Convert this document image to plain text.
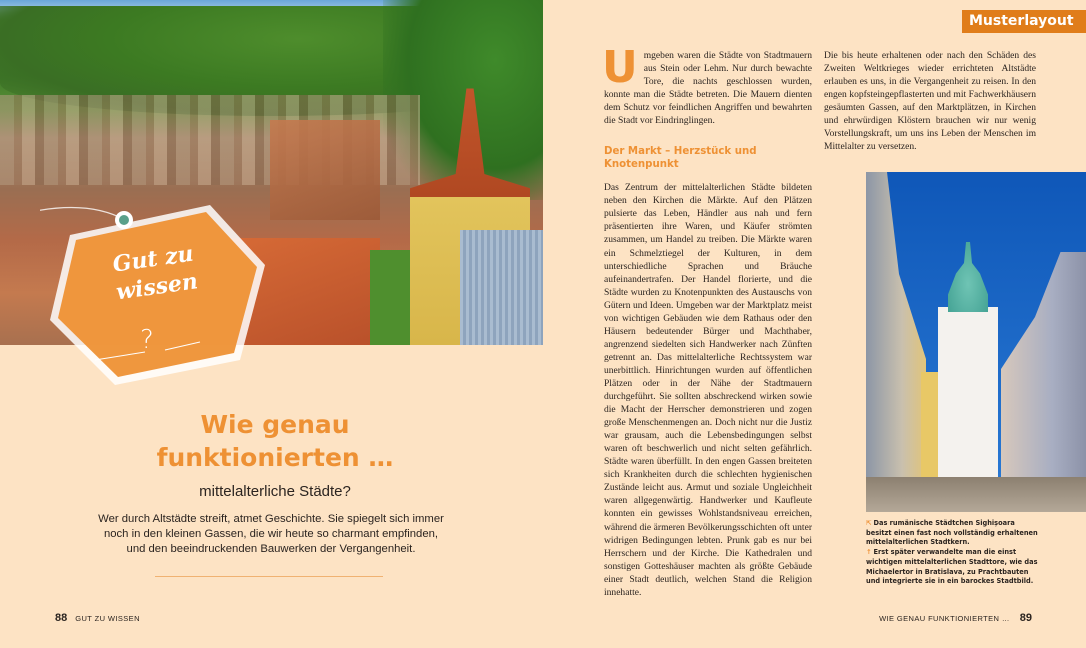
Gut zu
wissen
?
Wie genau
funktionierten …
mittelalterliche Städte?
Wer durch Altstädte streift, atmet Geschichte. Sie spiegelt sich immer noch in den kleinen Gassen, die wir heute so charmant empfinden, und den beeindruckenden Bauwerken der Vergangenheit.
88 GUT ZU WISSEN
Musterlayout

U mgeben waren die Städte von Stadtmauern aus Stein oder Lehm. Nur durch bewachte Tore, die nachts geschlossen wurden, konnte man die Städte betreten. Die Mauern dienten dem Schutz vor feindlichen Angriffen und bewahrten die Stadt vor Eindringlingen.

Der Markt – Herzstück und Knotenpunkt

Das Zentrum der mittelalterlichen Städte bildeten neben den Kirchen die Märkte. Auf den Plätzen pulsierte das Leben, Händler aus nah und fern präsentierten ihre Waren, und Käufer strömten zusammen, um Handel zu treiben. Die Märkte waren ein Schmelztiegel der Kulturen, in dem unterschiedliche Sprachen und Bräuche aufeinandertrafen. Der Handel florierte, und die Städte wurden zu Knotenpunkten des Austauschs von Gütern und Ideen. Umgeben war der Marktplatz meist von wichtigen Gebäuden wie dem Rathaus oder den Häusern bedeutender Bürger und Machthaber, angrenzend siedelten sich Handwerker nach Zünften getrennt an. Das mittelalterliche Rechtssystem war unerbittlich. Hinrichtungen wurden auf öffentlichen Plätzen oder in der Nähe der Stadtmauern durchgeführt. Sie sollten abschreckend wirken sowie die Macht der Herrscher demonstrieren und zogen große Menschenmengen an. Doch nicht nur die Justiz war grausam, auch die Lebensbedingungen selbst waren oft beschwerlich und nicht selten gefährlich. Städte waren überfüllt. In den engen Gassen breiteten sich Krankheiten durch die schlechten hygienischen Zustände leicht aus. Armut und soziale Ungleichheit waren allgegenwärtig. Handwerker und Kaufleute konnten ein gewisses Wohlstandsniveau erreichen, während die ärmeren Bevölkerungsschichten oft unter widrigen Bedingungen lebten. Prunk gab es nur bei Herrschern und der Kirche. Die Kathedralen und sonstigen Gotteshäuser machten als größte Gebäude einer Stadt deutlich, welchen Stand die Religion innehatte.

Die bis heute erhaltenen oder nach den Schäden des Zweiten Weltkrieges wieder errichteten Altstädte erlauben es uns, in die Vergangenheit zu reisen. In den engen kopfsteingepflasterten und mit Fachwerkhäusern gesäumten Gassen, auf den Marktplätzen, in Kirchen und ehrwürdigen Klöstern brauchen wir nur wenig Vorstellungskraft, um uns ins Leben der Menschen im Mittelalter zu versetzen.

⇱ Das rumänische Städtchen Sighișoara besitzt einen fast noch vollständig erhaltenen mittelalterlichen Stadtkern.
↑ Erst später verwandelte man die einst wichtigen mittelalterlichen Stadttore, wie das Michaelertor in Bratislava, zu Prachtbauten und integrierte sie in ein barockes Stadtbild.
WIE GENAU FUNKTIONIERTEN … 89
